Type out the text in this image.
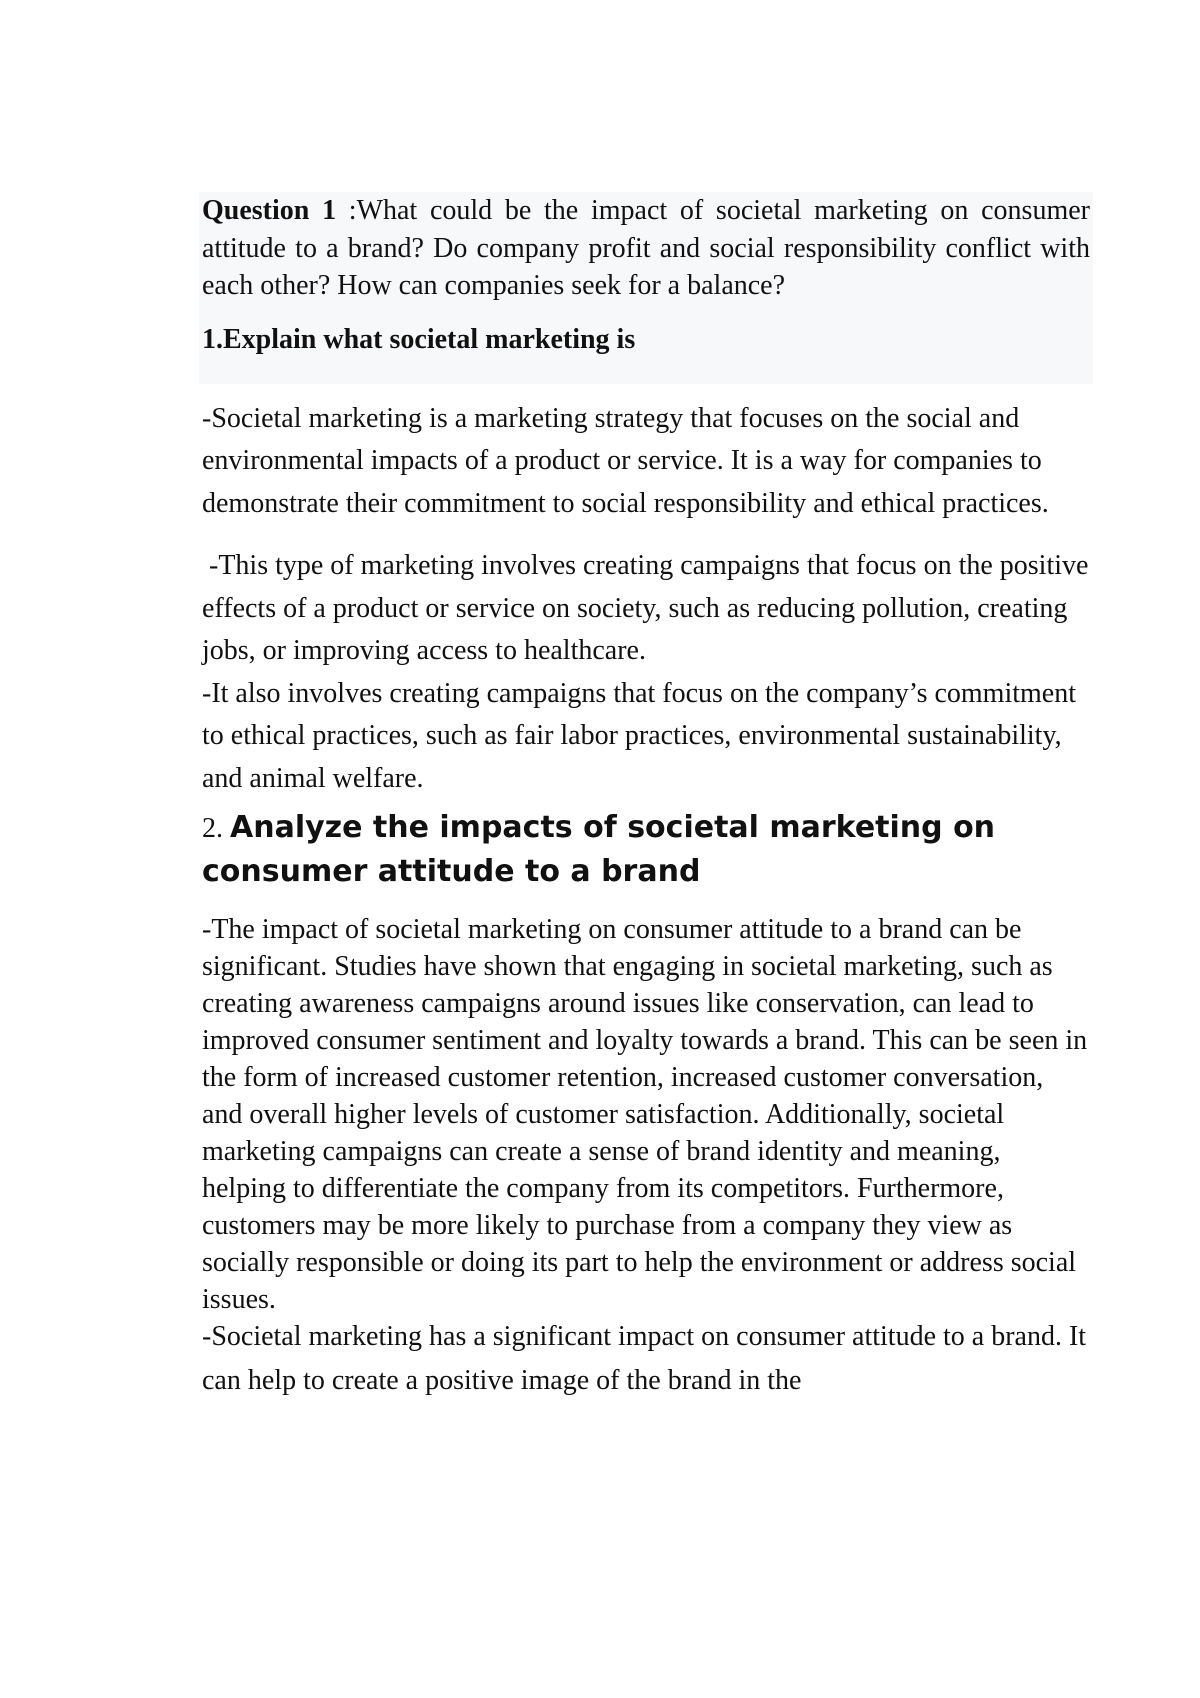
Question 1 :What could be the impact of societal marketing on consumer attitude to a brand? Do company profit and social responsibility conflict with each other? How can companies seek for a balance?

1.Explain what societal marketing is

-Societal marketing is a marketing strategy that focuses on the social and environmental impacts of a product or service. It is a way for companies to demonstrate their commitment to social responsibility and ethical practices.

-This type of marketing involves creating campaigns that focus on the positive effects of a product or service on society, such as reducing pollution, creating jobs, or improving access to healthcare.

-It also involves creating campaigns that focus on the company’s commitment to ethical practices, such as fair labor practices, environmental sustainability, and animal welfare.

2. Analyze the impacts of societal marketing on consumer attitude to a brand

-The impact of societal marketing on consumer attitude to a brand can be significant. Studies have shown that engaging in societal marketing, such as creating awareness campaigns around issues like conservation, can lead to improved consumer sentiment and loyalty towards a brand. This can be seen in the form of increased customer retention, increased customer conversation, and overall higher levels of customer satisfaction. Additionally, societal marketing campaigns can create a sense of brand identity and meaning, helping to differentiate the company from its competitors. Furthermore, customers may be more likely to purchase from a company they view as socially responsible or doing its part to help the environment or address social issues.

-Societal marketing has a significant impact on consumer attitude to a brand. It can help to create a positive image of the brand in the
